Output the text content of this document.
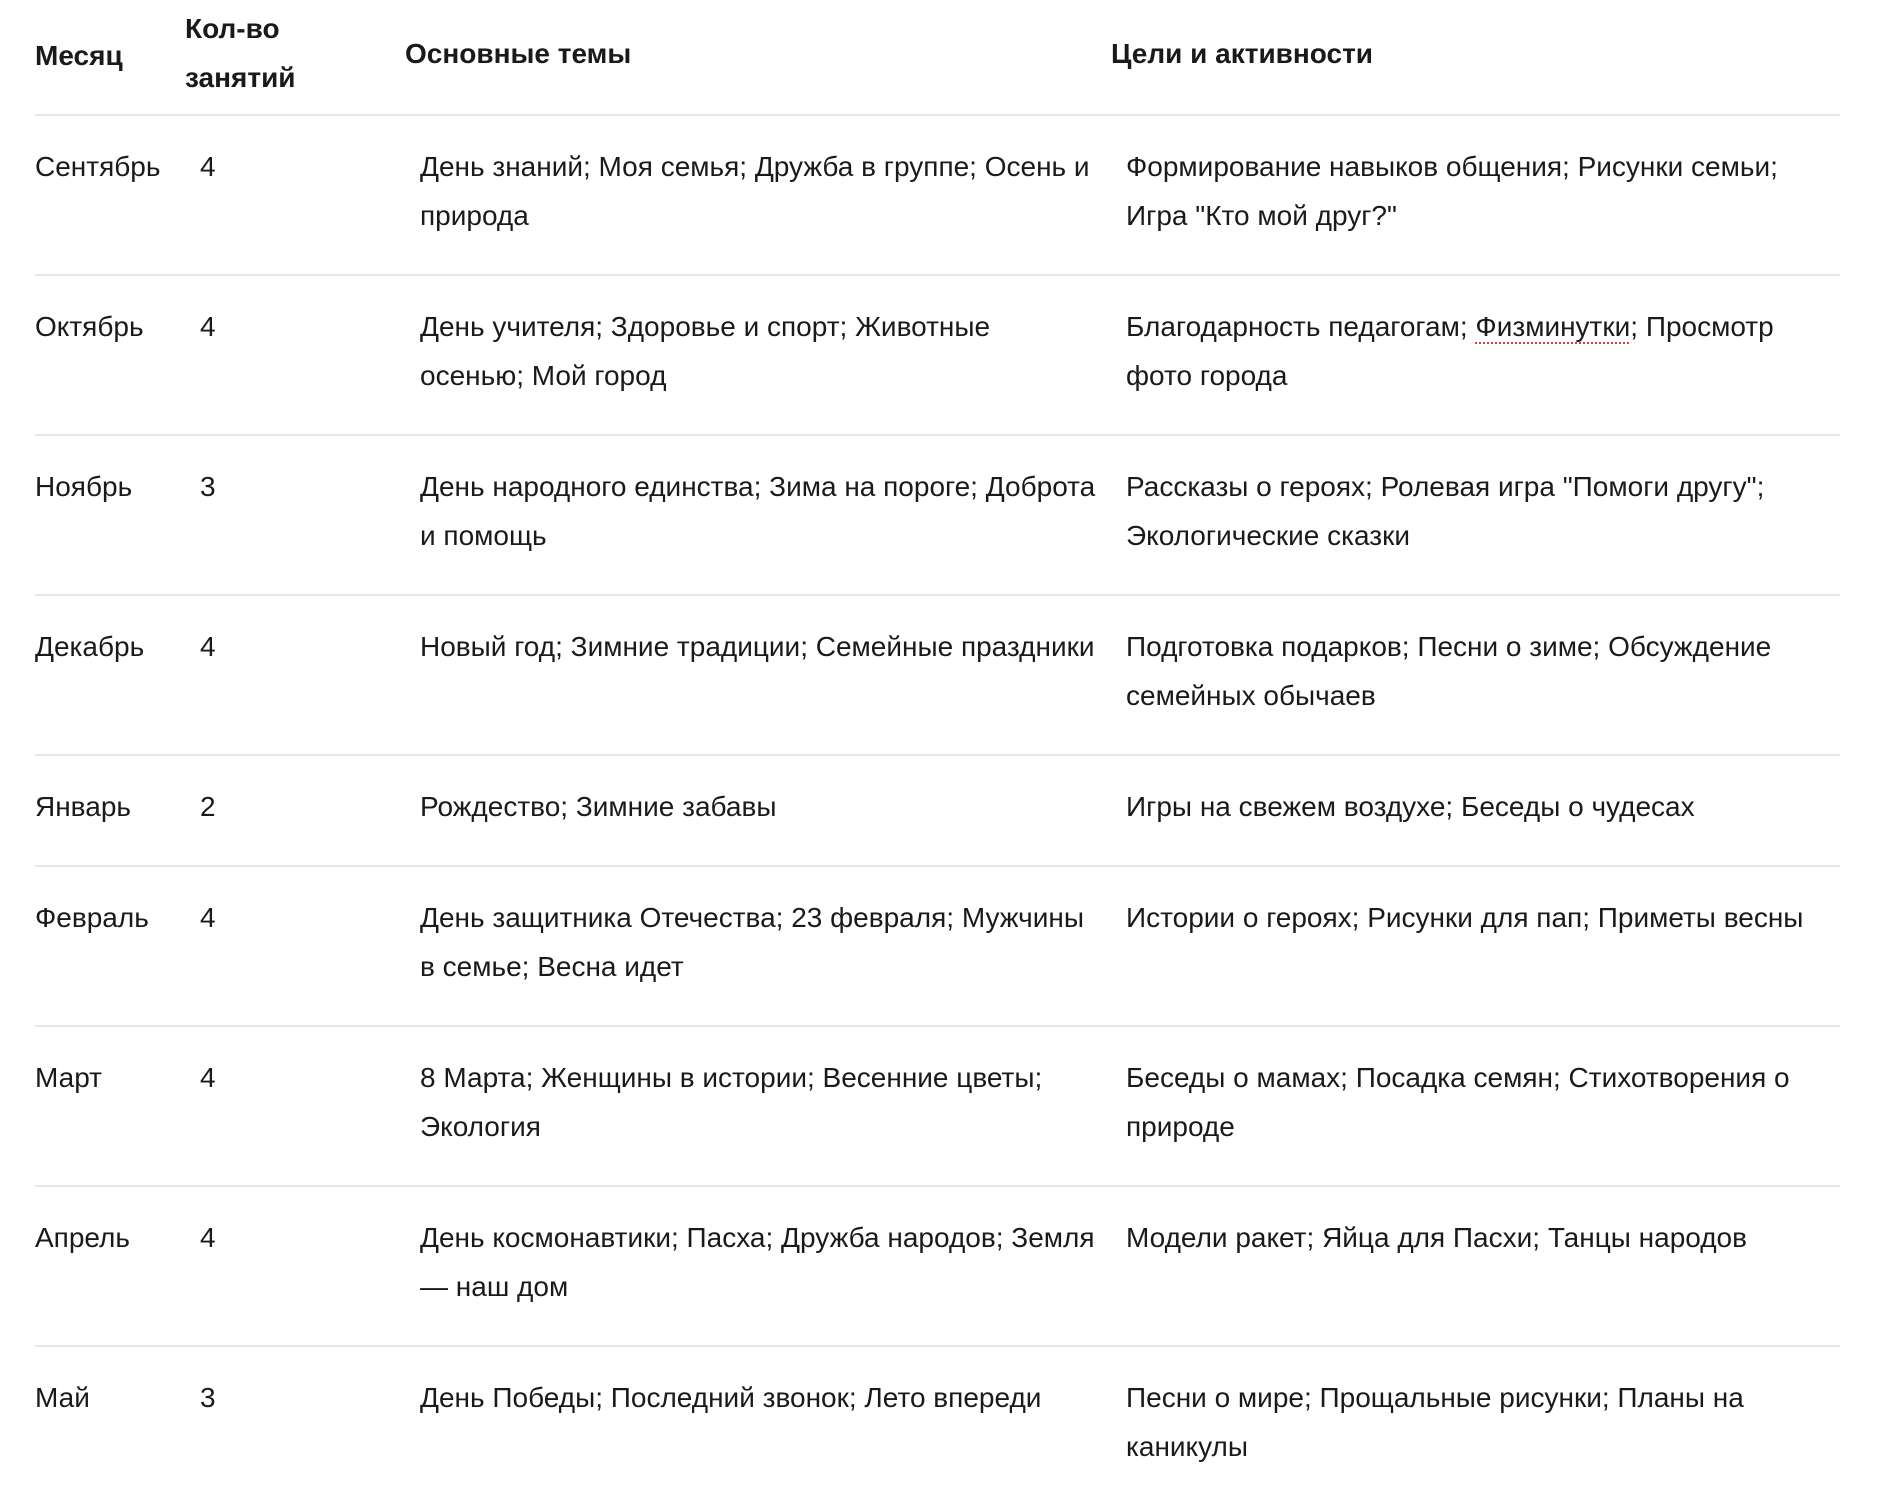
Месяц	Кол-во занятий	Основные темы	Цели и активности
Сентябрь	4	День знаний; Моя семья; Дружба в группе; Осень и природа	Формирование навыков общения; Рисунки семьи; Игра "Кто мой друг?"
Октябрь	4	День учителя; Здоровье и спорт; Животные осенью; Мой город	Благодарность педагогам; Физминутки; Просмотр фото города
Ноябрь	3	День народного единства; Зима на пороге; Доброта и помощь	Рассказы о героях; Ролевая игра "Помоги другу"; Экологические сказки
Декабрь	4	Новый год; Зимние традиции; Семейные праздники	Подготовка подарков; Песни о зиме; Обсуждение семейных обычаев
Январь	2	Рождество; Зимние забавы	Игры на свежем воздухе; Беседы о чудесах
Февраль	4	День защитника Отечества; 23 февраля; Мужчины в семье; Весна идет	Истории о героях; Рисунки для пап; Приметы весны
Март	4	8 Марта; Женщины в истории; Весенние цветы; Экология	Беседы о мамах; Посадка семян; Стихотворения о природе
Апрель	4	День космонавтики; Пасха; Дружба народов; Земля — наш дом	Модели ракет; Яйца для Пасхи; Танцы народов
Май	3	День Победы; Последний звонок; Лето впереди	Песни о мире; Прощальные рисунки; Планы на каникулы
